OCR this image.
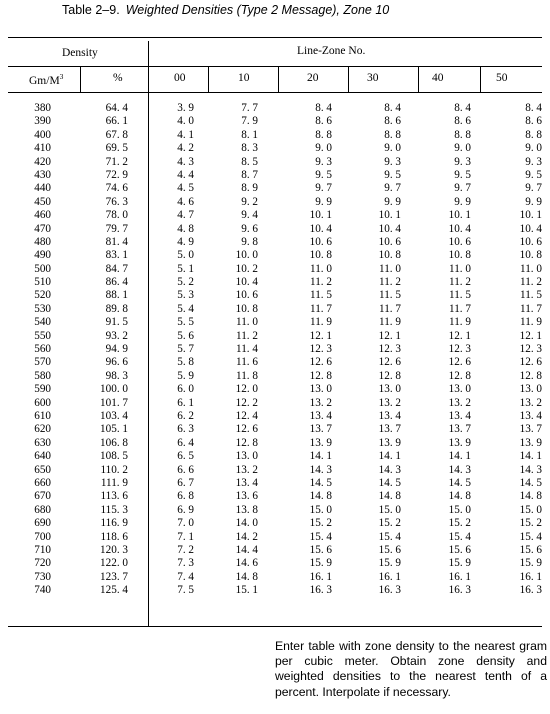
Table 2–9. Weighted Densities (Type 2 Message), Zone 10
Density	Line-Zone No.
$Gm/M^3$	%	00	10	20	30	40	50
380	64. 4	3. 9	7. 7	8. 4	8. 4	8. 4	8. 4
390	66. 1	4. 0	7. 9	8. 6	8. 6	8. 6	8. 6
400	67. 8	4. 1	8. 1	8. 8	8. 8	8. 8	8. 8
410	69. 5	4. 2	8. 3	9. 0	9. 0	9. 0	9. 0
420	71. 2	4. 3	8. 5	9. 3	9. 3	9. 3	9. 3
430	72. 9	4. 4	8. 7	9. 5	9. 5	9. 5	9. 5
440	74. 6	4. 5	8. 9	9. 7	9. 7	9. 7	9. 7
450	76. 3	4. 6	9. 2	9. 9	9. 9	9. 9	9. 9
460	78. 0	4. 7	9. 4	10. 1	10. 1	10. 1	10. 1
470	79. 7	4. 8	9. 6	10. 4	10. 4	10. 4	10. 4
480	81. 4	4. 9	9. 8	10. 6	10. 6	10. 6	10. 6
490	83. 1	5. 0	10. 0	10. 8	10. 8	10. 8	10. 8
500	84. 7	5. 1	10. 2	11. 0	11. 0	11. 0	11. 0
510	86. 4	5. 2	10. 4	11. 2	11. 2	11. 2	11. 2
520	88. 1	5. 3	10. 6	11. 5	11. 5	11. 5	11. 5
530	89. 8	5. 4	10. 8	11. 7	11. 7	11. 7	11. 7
540	91. 5	5. 5	11. 0	11. 9	11. 9	11. 9	11. 9
550	93. 2	5. 6	11. 2	12. 1	12. 1	12. 1	12. 1
560	94. 9	5. 7	11. 4	12. 3	12. 3	12. 3	12. 3
570	96. 6	5. 8	11. 6	12. 6	12. 6	12. 6	12. 6
580	98. 3	5. 9	11. 8	12. 8	12. 8	12. 8	12. 8
590	100. 0	6. 0	12. 0	13. 0	13. 0	13. 0	13. 0
600	101. 7	6. 1	12. 2	13. 2	13. 2	13. 2	13. 2
610	103. 4	6. 2	12. 4	13. 4	13. 4	13. 4	13. 4
620	105. 1	6. 3	12. 6	13. 7	13. 7	13. 7	13. 7
630	106. 8	6. 4	12. 8	13. 9	13. 9	13. 9	13. 9
640	108. 5	6. 5	13. 0	14. 1	14. 1	14. 1	14. 1
650	110. 2	6. 6	13. 2	14. 3	14. 3	14. 3	14. 3
660	111. 9	6. 7	13. 4	14. 5	14. 5	14. 5	14. 5
670	113. 6	6. 8	13. 6	14. 8	14. 8	14. 8	14. 8
680	115. 3	6. 9	13. 8	15. 0	15. 0	15. 0	15. 0
690	116. 9	7. 0	14. 0	15. 2	15. 2	15. 2	15. 2
700	118. 6	7. 1	14. 2	15. 4	15. 4	15. 4	15. 4
710	120. 3	7. 2	14. 4	15. 6	15. 6	15. 6	15. 6
720	122. 0	7. 3	14. 6	15. 9	15. 9	15. 9	15. 9
730	123. 7	7. 4	14. 8	16. 1	16. 1	16. 1	16. 1
740	125. 4	7. 5	15. 1	16. 3	16. 3	16. 3	16. 3
Enter table with zone density to the nearest gram per cubic meter. Obtain zone density and weighted densities to the nearest tenth of a percent. Interpolate if necessary.
